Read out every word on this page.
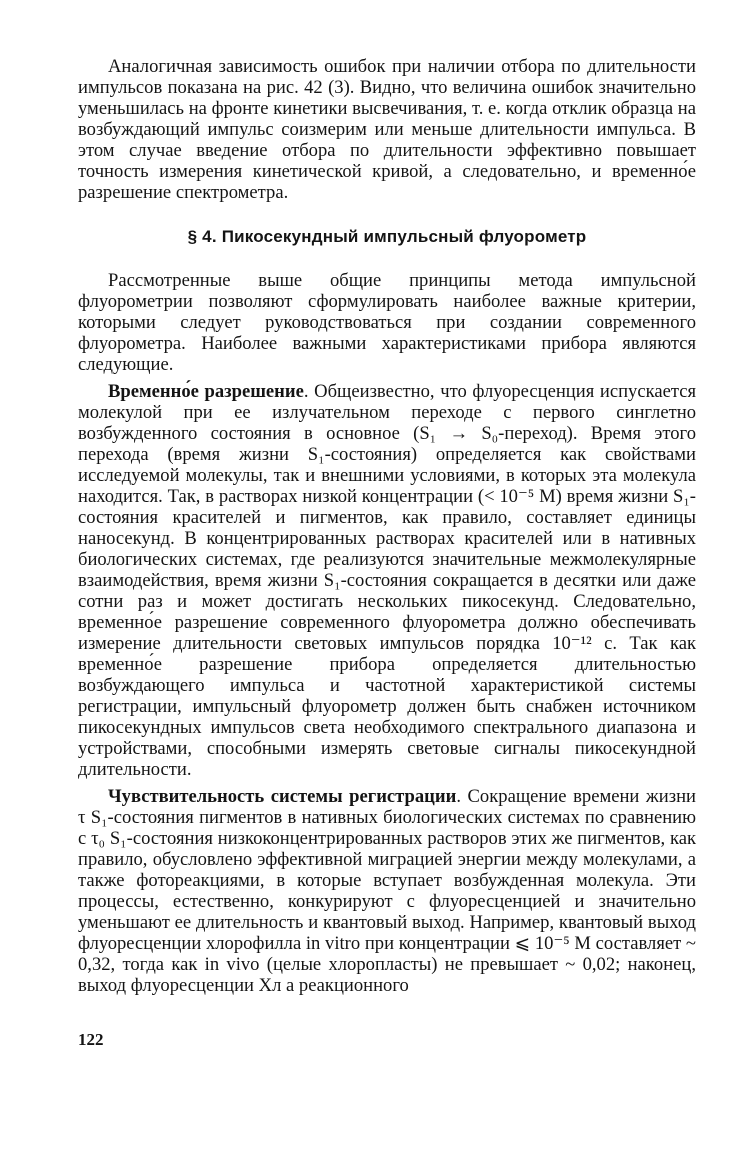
Аналогичная зависимость ошибок при наличии отбора по длительности импульсов показана на рис. 42 (3). Видно, что величина ошибок значительно уменьшилась на фронте кинетики высвечивания, т. е. когда отклик образца на возбуждающий импульс соизмерим или меньше длительности импульса. В этом случае введение отбора по длительности эффективно повышает точность измерения кинетической кривой, а следовательно, и временно́е разрешение спектрометра.

§ 4. Пикосекундный импульсный флуорометр

Рассмотренные выше общие принципы метода импульсной флуорометрии позволяют сформулировать наиболее важные критерии, которыми следует руководствоваться при создании современного флуорометра. Наиболее важными характеристиками прибора являются следующие.

Временно́е разрешение. Общеизвестно, что флуоресценция испускается молекулой при ее излучательном переходе с первого синглетно возбужденного состояния в основное (S₁ → S₀-переход). Время этого перехода (время жизни S₁-состояния) определяется как свойствами исследуемой молекулы, так и внешними условиями, в которых эта молекула находится. Так, в растворах низкой концентрации (< 10⁻⁵ М) время жизни S₁-состояния красителей и пигментов, как правило, составляет единицы наносекунд. В концентрированных растворах красителей или в нативных биологических системах, где реализуются значительные межмолекулярные взаимодействия, время жизни S₁-состояния сокращается в десятки или даже сотни раз и может достигать нескольких пикосекунд. Следовательно, временно́е разрешение современного флуорометра должно обеспечивать измерение длительности световых импульсов порядка 10⁻¹² с. Так как временно́е разрешение прибора определяется длительностью возбуждающего импульса и частотной характеристикой системы регистрации, импульсный флуорометр должен быть снабжен источником пикосекундных импульсов света необходимого спектрального диапазона и устройствами, способными измерять световые сигналы пикосекундной длительности.

Чувствительность системы регистрации. Сокращение времени жизни τ S₁-состояния пигментов в нативных биологических системах по сравнению с τ₀ S₁-состояния низкоконцентрированных растворов этих же пигментов, как правило, обусловлено эффективной миграцией энергии между молекулами, а также фотореакциями, в которые вступает возбужденная молекула. Эти процессы, естественно, конкурируют с флуоресценцией и значительно уменьшают ее длительность и квантовый выход. Например, квантовый выход флуоресценции хлорофилла in vitro при концентрации ⩽ 10⁻⁵ М составляет ~ 0,32, тогда как in vivo (целые хлоропласты) не превышает ~ 0,02; наконец, выход флуоресценции Хл a реакционного

122
